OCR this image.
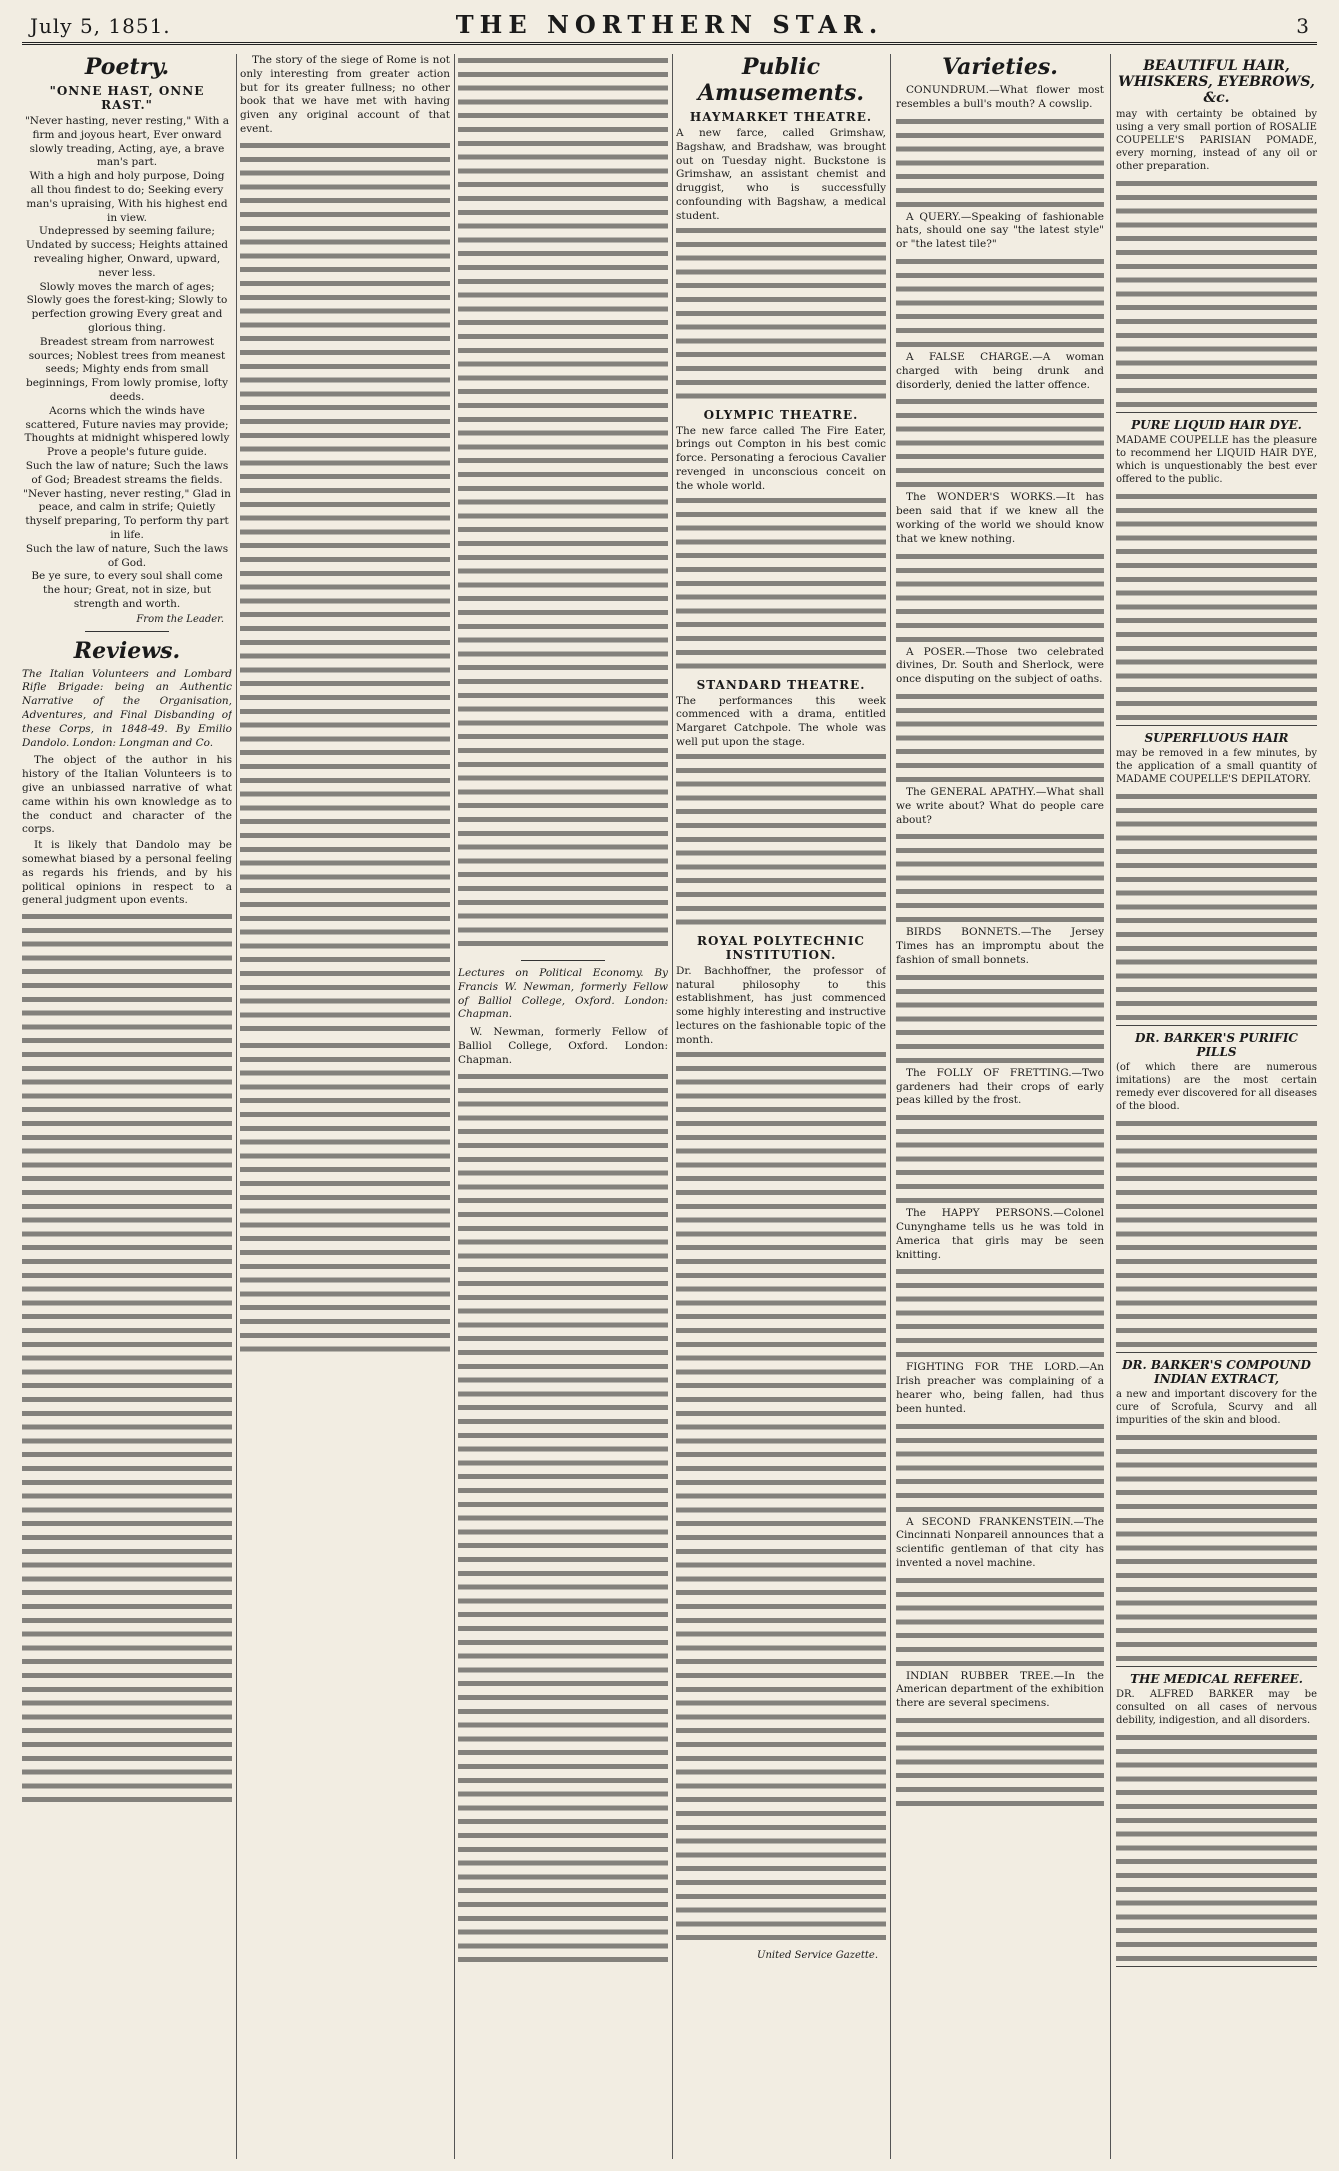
July 5, 1851.	THE NORTHERN STAR.	3
Poetry.
"ONNE HAST, ONNE RAST."

"Never hasting, never resting," With a firm and joyous heart, Ever onward slowly treading, Acting, aye, a brave man's part.

With a high and holy purpose, Doing all thou findest to do; Seeking every man's upraising, With his highest end in view.

Undepressed by seeming failure; Undated by success; Heights attained revealing higher, Onward, upward, never less.

Slowly moves the march of ages; Slowly goes the forest-king; Slowly to perfection growing Every great and glorious thing.

Breadest stream from narrowest sources; Noblest trees from meanest seeds; Mighty ends from small beginnings, From lowly promise, lofty deeds.

Acorns which the winds have scattered, Future navies may provide; Thoughts at midnight whispered lowly Prove a people's future guide.

Such the law of nature; Such the laws of God; Breadest streams the fields.

"Never hasting, never resting," Glad in peace, and calm in strife; Quietly thyself preparing, To perform thy part in life.

Such the law of nature, Such the laws of God.

Be ye sure, to every soul shall come the hour; Great, not in size, but strength and worth.

From the Leader.
Reviews.
The Italian Volunteers and Lombard Rifle Brigade: being an Authentic Narrative of the Organisation, Adventures, and Final Disbanding of these Corps, in 1848-49. By Emilio Dandolo. London: Longman and Co.

The object of the author in his history of the Italian Volunteers is to give an unbiassed narrative of what came within his own knowledge as to the conduct and character of the corps.

It is likely that Dandolo may be somewhat biased by a personal feeling as regards his friends, and by his political opinions in respect to a general judgment upon events.

The story of the siege of Rome is not only interesting from greater action but for its greater fullness; no other book that we have met with having given any original account of that event.

Lectures on Political Economy. By Francis W. Newman, formerly Fellow of Balliol College, Oxford. London: Chapman.

W. Newman, formerly Fellow of Balliol College, Oxford. London: Chapman.

Public Amusements.
HAYMARKET THEATRE.
A new farce, called Grimshaw, Bagshaw, and Bradshaw, was brought out on Tuesday night. Buckstone is Grimshaw, an assistant chemist and druggist, who is successfully confounding with Bagshaw, a medical student.
OLYMPIC THEATRE.
The new farce called The Fire Eater, brings out Compton in his best comic force. Personating a ferocious Cavalier revenged in unconscious conceit on the whole world.
STANDARD THEATRE.
The performances this week commenced with a drama, entitled Margaret Catchpole. The whole was well put upon the stage.
ROYAL POLYTECHNIC INSTITUTION.
Dr. Bachhoffner, the professor of natural philosophy to this establishment, has just commenced some highly interesting and instructive lectures on the fashionable topic of the month.
United Service Gazette.
Varieties.
CONUNDRUM.—What flower most resembles a bull's mouth? A cowslip.
A QUERY.—Speaking of fashionable hats, should one say "the latest style" or "the latest tile?"
A FALSE CHARGE.—A woman charged with being drunk and disorderly, denied the latter offence.
The WONDER'S WORKS.—It has been said that if we knew all the working of the world we should know that we knew nothing.
A POSER.—Those two celebrated divines, Dr. South and Sherlock, were once disputing on the subject of oaths.
The GENERAL APATHY.—What shall we write about? What do people care about?
BIRDS BONNETS.—The Jersey Times has an impromptu about the fashion of small bonnets.
The FOLLY OF FRETTING.—Two gardeners had their crops of early peas killed by the frost.
The HAPPY PERSONS.—Colonel Cunynghame tells us he was told in America that girls may be seen knitting.
FIGHTING FOR THE LORD.—An Irish preacher was complaining of a hearer who, being fallen, had thus been hunted.
A SECOND FRANKENSTEIN.—The Cincinnati Nonpareil announces that a scientific gentleman of that city has invented a novel machine.
INDIAN RUBBER TREE.—In the American department of the exhibition there are several specimens.
BEAUTIFUL HAIR, WHISKERS, EYEBROWS, &c.
may with certainty be obtained by using a very small portion of ROSALIE COUPELLE'S PARISIAN POMADE, every morning, instead of any oil or other preparation.
PURE LIQUID HAIR DYE.
MADAME COUPELLE has the pleasure to recommend her LIQUID HAIR DYE, which is unquestionably the best ever offered to the public.
SUPERFLUOUS HAIR
may be removed in a few minutes, by the application of a small quantity of MADAME COUPELLE'S DEPILATORY.
DR. BARKER'S PURIFIC PILLS
(of which there are numerous imitations) are the most certain remedy ever discovered for all diseases of the blood.
DR. BARKER'S COMPOUND INDIAN EXTRACT,
a new and important discovery for the cure of Scrofula, Scurvy and all impurities of the skin and blood.
THE MEDICAL REFEREE.
DR. ALFRED BARKER may be consulted on all cases of nervous debility, indigestion, and all disorders.
